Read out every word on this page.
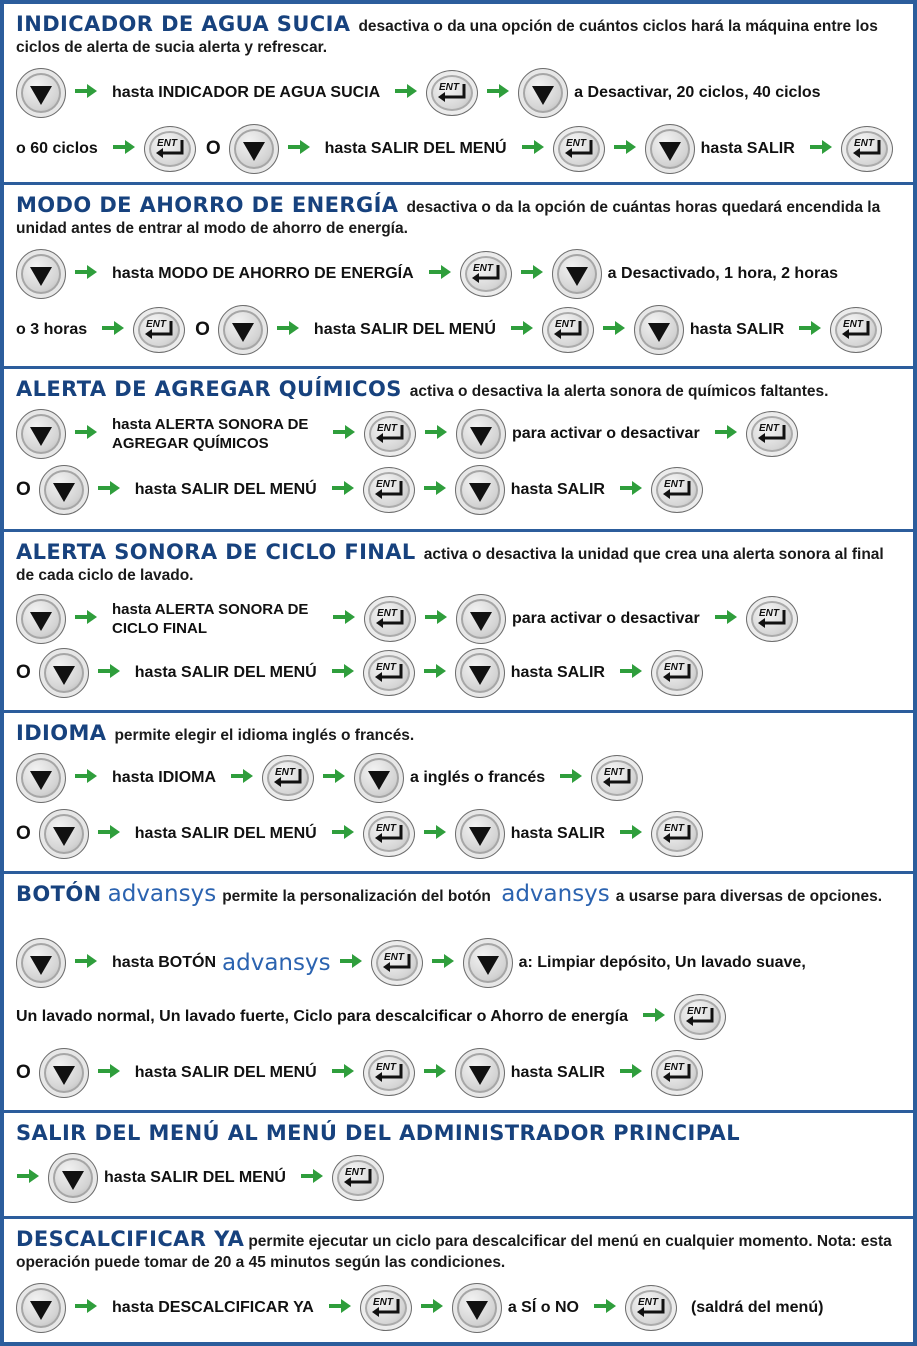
INDICADOR DE AGUA SUCIA desactiva o da una opción de cuántos ciclos hará la máquina entre los ciclos de alerta de sucia alerta y refrescar.
hasta INDICADOR DE AGUA SUCIA	ENT	a Desactivar, 20 ciclos, 40 ciclos
o 60 ciclos	ENT O	hasta SALIR DEL MENÚ	ENT	hasta SALIR	ENT
MODO DE AHORRO DE ENERGÍA desactiva o da la opción de cuántas horas quedará encendida la unidad antes de entrar al modo de ahorro de energía.
hasta MODO DE AHORRO DE ENERGÍA	ENT	a Desactivado, 1 hora, 2 horas
o 3 horas	ENT O	hasta SALIR DEL MENÚ	ENT	hasta SALIR	ENT
ALERTA DE AGREGAR QUÍMICOS activa o desactiva la alerta sonora de químicos faltantes.
hasta ALERTA SONORA DE AGREGAR QUÍMICOS
ENT	para activar o desactivar	ENT
O	hasta SALIR DEL MENÚ	ENT	hasta SALIR	ENT
ALERTA SONORA DE CICLO FINAL activa o desactiva la unidad que crea una alerta sonora al final de cada ciclo de lavado.
hasta ALERTA SONORA DE CICLO FINAL
ENT	para activar o desactivar	ENT
O	hasta SALIR DEL MENÚ	ENT	hasta SALIR	ENT
IDIOMA permite elegir el idioma inglés o francés.
hasta IDIOMA	ENT	a inglés o francés	ENT
O	hasta SALIR DEL MENÚ	ENT	hasta SALIR	ENT
BOTÓN advansys permite la personalización del botón advansys a usarse para diversas de opciones.
hasta BOTÓN advansys	ENT	a: Limpiar depósito, Un lavado suave,
Un lavado normal, Un lavado fuerte, Ciclo para descalcificar o Ahorro de energía	ENT
O	hasta SALIR DEL MENÚ	ENT	hasta SALIR	ENT
SALIR DEL MENÚ AL MENÚ DEL ADMINISTRADOR PRINCIPAL
hasta SALIR DEL MENÚ	ENT
DESCALCIFICAR YA permite ejecutar un ciclo para descalcificar del menú en cualquier momento. Nota: esta operación puede tomar de 20 a 45 minutos según las condiciones.
hasta DESCALCIFICAR YA	ENT	a SÍ o NO	ENT	(saldrá del menú)
